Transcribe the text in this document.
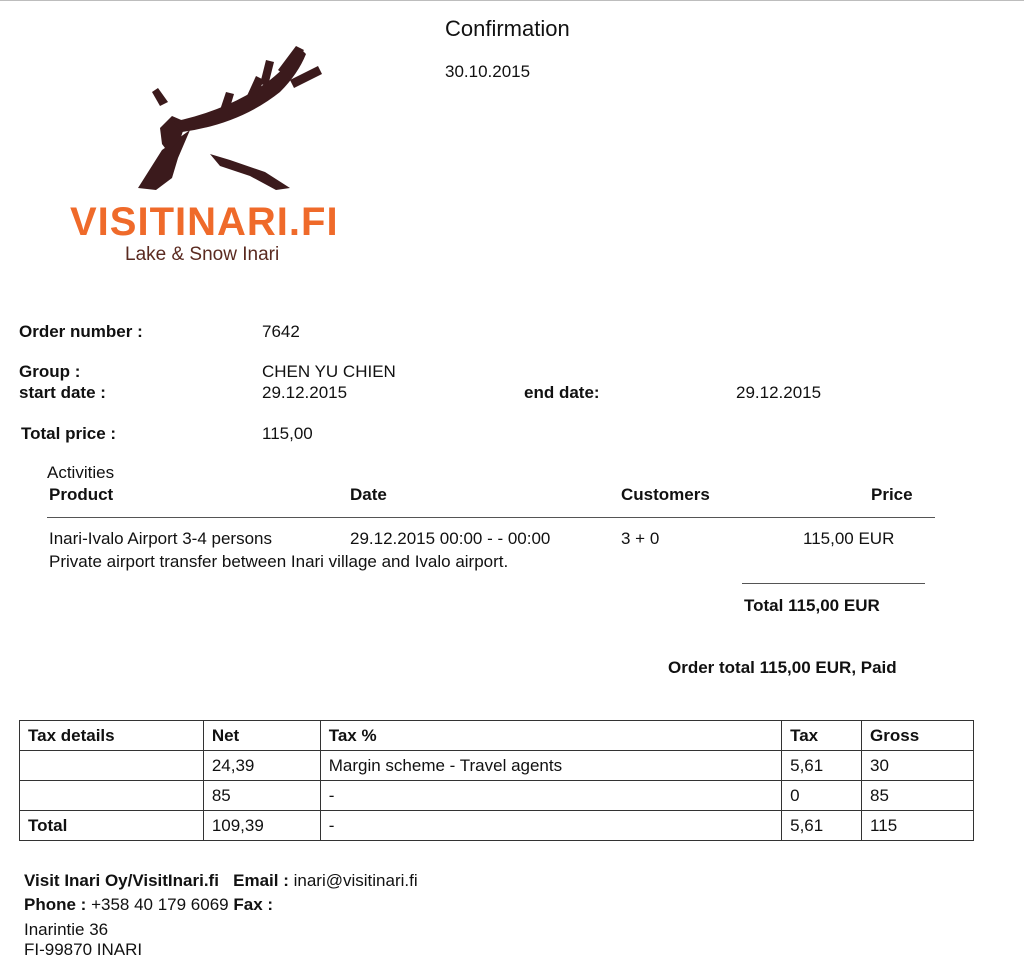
Confirmation
30.10.2015
VISITINARI.FI
Lake & Snow Inari
Order number :	7642
Group :	CHEN YU CHIEN
start date :	29.12.2015	end date:	29.12.2015
Total price :	115,00
Activities
Product	Date	Customers	Price
Inari-Ivalo Airport 3-4 persons	29.12.2015 00:00 - - 00:00	3 + 0	115,00 EUR
Private airport transfer between Inari village and Ivalo airport.
Total 115,00 EUR
Order total 115,00 EUR, Paid
Tax details	Net	Tax %	Tax	Gross
	24,39	Margin scheme - Travel agents	5,61	30
	85	-	0	85
Total	109,39	-	5,61	115
Visit Inari Oy/VisitInari.fi Email : inari@visitinari.fi
Phone : +358 40 179 6069 Fax :
Inarintie 36
FI-99870 INARI
